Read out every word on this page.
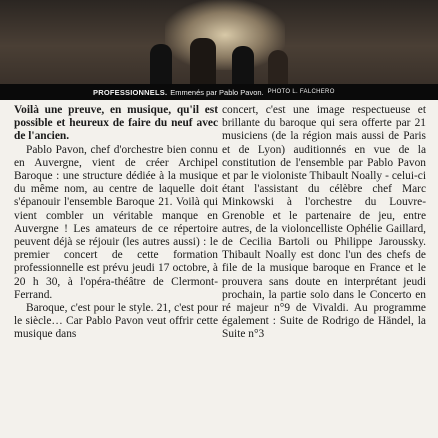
PROFESSIONNELS. Emmenés par Pablo Pavon. PHOTO L. FALCHERO

Voilà une preuve, en musique, qu'il est possible et heureux de faire du neuf avec de l'ancien.

Pablo Pavon, chef d'orchestre bien connu en Auvergne, vient de créer Archipel Baroque : une structure dédiée à la musique du même nom, au centre de laquelle doit s'épanouir l'ensemble Baroque 21. Voilà qui vient combler un véritable manque en Auvergne ! Les amateurs de ce répertoire peuvent déjà se réjouir (les autres aussi) : le premier concert de cette formation professionnelle est prévu jeudi 17 octobre, à 20 h 30, à l'opéra-théâtre de Clermont-Ferrand.

Baroque, c'est pour le style. 21, c'est pour le siècle… Car Pablo Pavon veut offrir cette musique dans

concert, c'est une image respectueuse et brillante du baroque qui sera offerte par 21 musiciens (de la région mais aussi de Paris et de Lyon) auditionnés en vue de la constitution de l'ensemble par Pablo Pavon et par le violoniste Thibault Noally - celui-ci étant l'assistant du célèbre chef Marc Minkowski à l'orchestre du Louvre-Grenoble et le partenaire de jeu, entre autres, de la violoncelliste Ophélie Gaillard, de Cecilia Bartoli ou Philippe Jaroussky. Thibault Noally est donc l'un des chefs de file de la musique baroque en France et le prouvera sans doute en interprétant jeudi prochain, la partie solo dans le Concerto en ré majeur n°9 de Vivaldi. Au programme également : Suite de Rodrigo de Händel, la Suite n°3
